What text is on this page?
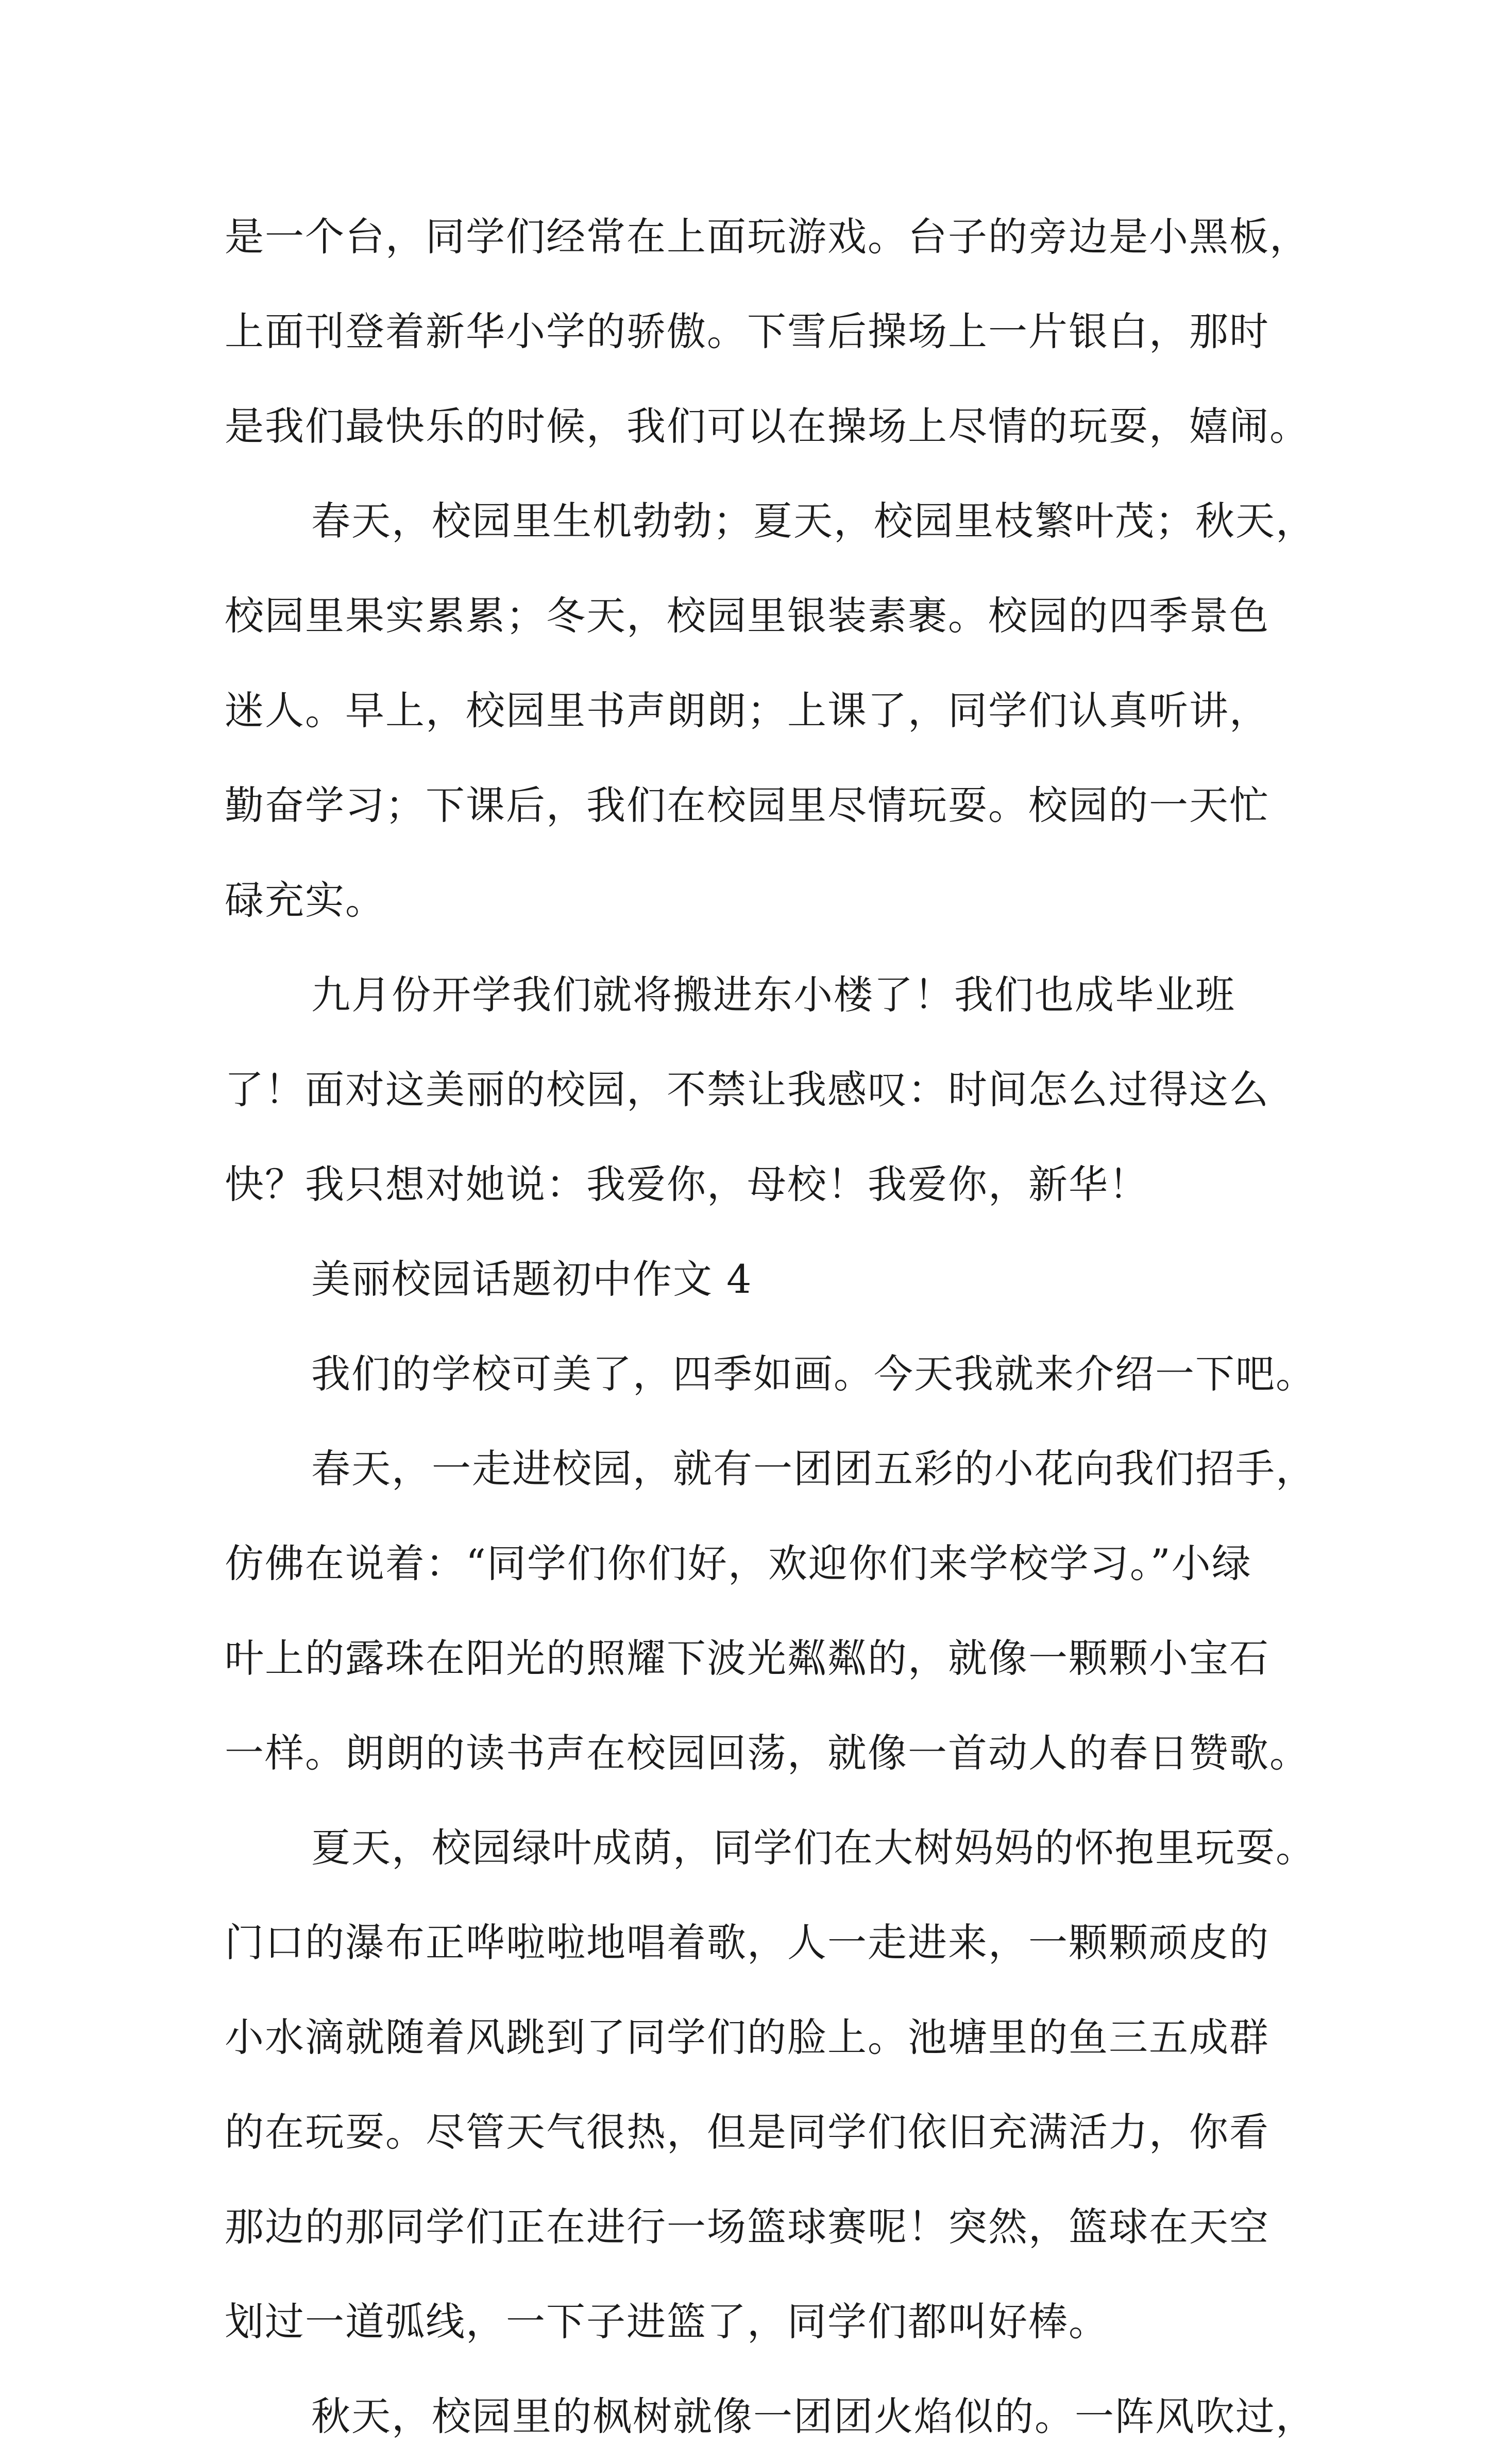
是一个台，同学们经常在上面玩游戏。台子的旁边是小黑板，
上面刊登着新华小学的骄傲。下雪后操场上一片银白，那时
是我们最快乐的时候，我们可以在操场上尽情的玩耍，嬉闹。
春天，校园里生机勃勃；夏天，校园里枝繁叶茂；秋天，
校园里果实累累；冬天，校园里银装素裹。校园的四季景色
迷人。早上，校园里书声朗朗；上课了，同学们认真听讲，
勤奋学习；下课后，我们在校园里尽情玩耍。校园的一天忙
碌充实。
九月份开学我们就将搬进东小楼了！我们也成毕业班
了！面对这美丽的校园，不禁让我感叹：时间怎么过得这么
快？我只想对她说：我爱你，母校！我爱你，新华！
美丽校园话题初中作文 4
我们的学校可美了，四季如画。今天我就来介绍一下吧。
春天，一走进校园，就有一团团五彩的小花向我们招手，
仿佛在说着：“同学们你们好，欢迎你们来学校学习。”小绿
叶上的露珠在阳光的照耀下波光粼粼的，就像一颗颗小宝石
一样。朗朗的读书声在校园回荡，就像一首动人的春日赞歌。
夏天，校园绿叶成荫，同学们在大树妈妈的怀抱里玩耍。
门口的瀑布正哗啦啦地唱着歌，人一走进来，一颗颗顽皮的
小水滴就随着风跳到了同学们的脸上。池塘里的鱼三五成群
的在玩耍。尽管天气很热，但是同学们依旧充满活力，你看
那边的那同学们正在进行一场篮球赛呢！突然，篮球在天空
划过一道弧线，一下子进篮了，同学们都叫好棒。
秋天，校园里的枫树就像一团团火焰似的。一阵风吹过，
